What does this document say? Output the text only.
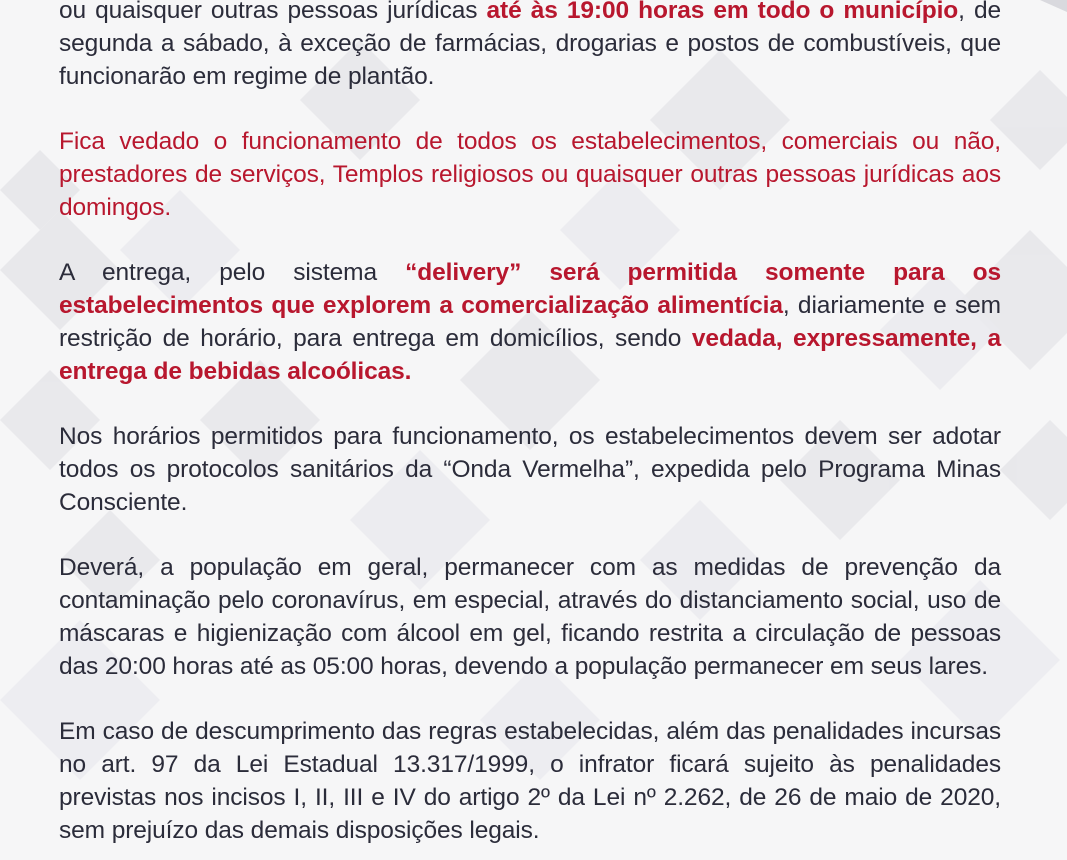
ou quaisquer outras pessoas jurídicas até às 19:00 horas em todo o município, de segunda a sábado, à exceção de farmácias, drogarias e postos de combustíveis, que funcionarão em regime de plantão.

Fica vedado o funcionamento de todos os estabelecimentos, comerciais ou não, prestadores de serviços, Templos religiosos ou quaisquer outras pessoas jurídicas aos domingos.

A entrega, pelo sistema “delivery” será permitida somente para os estabelecimentos que explorem a comercialização alimentícia, diariamente e sem restrição de horário, para entrega em domicílios, sendo vedada, expressamente, a entrega de bebidas alcoólicas.

Nos horários permitidos para funcionamento, os estabelecimentos devem ser adotar todos os protocolos sanitários da “Onda Vermelha”, expedida pelo Programa Minas Consciente.

Deverá, a população em geral, permanecer com as medidas de prevenção da contaminação pelo coronavírus, em especial, através do distanciamento social, uso de máscaras e higienização com álcool em gel, ficando restrita a circulação de pessoas das 20:00 horas até as 05:00 horas, devendo a população permanecer em seus lares.

Em caso de descumprimento das regras estabelecidas, além das penalidades incursas no art. 97 da Lei Estadual 13.317/1999, o infrator ficará sujeito às penalidades previstas nos incisos I, II, III e IV do artigo 2º da Lei nº 2.262, de 26 de maio de 2020, sem prejuízo das demais disposições legais.
